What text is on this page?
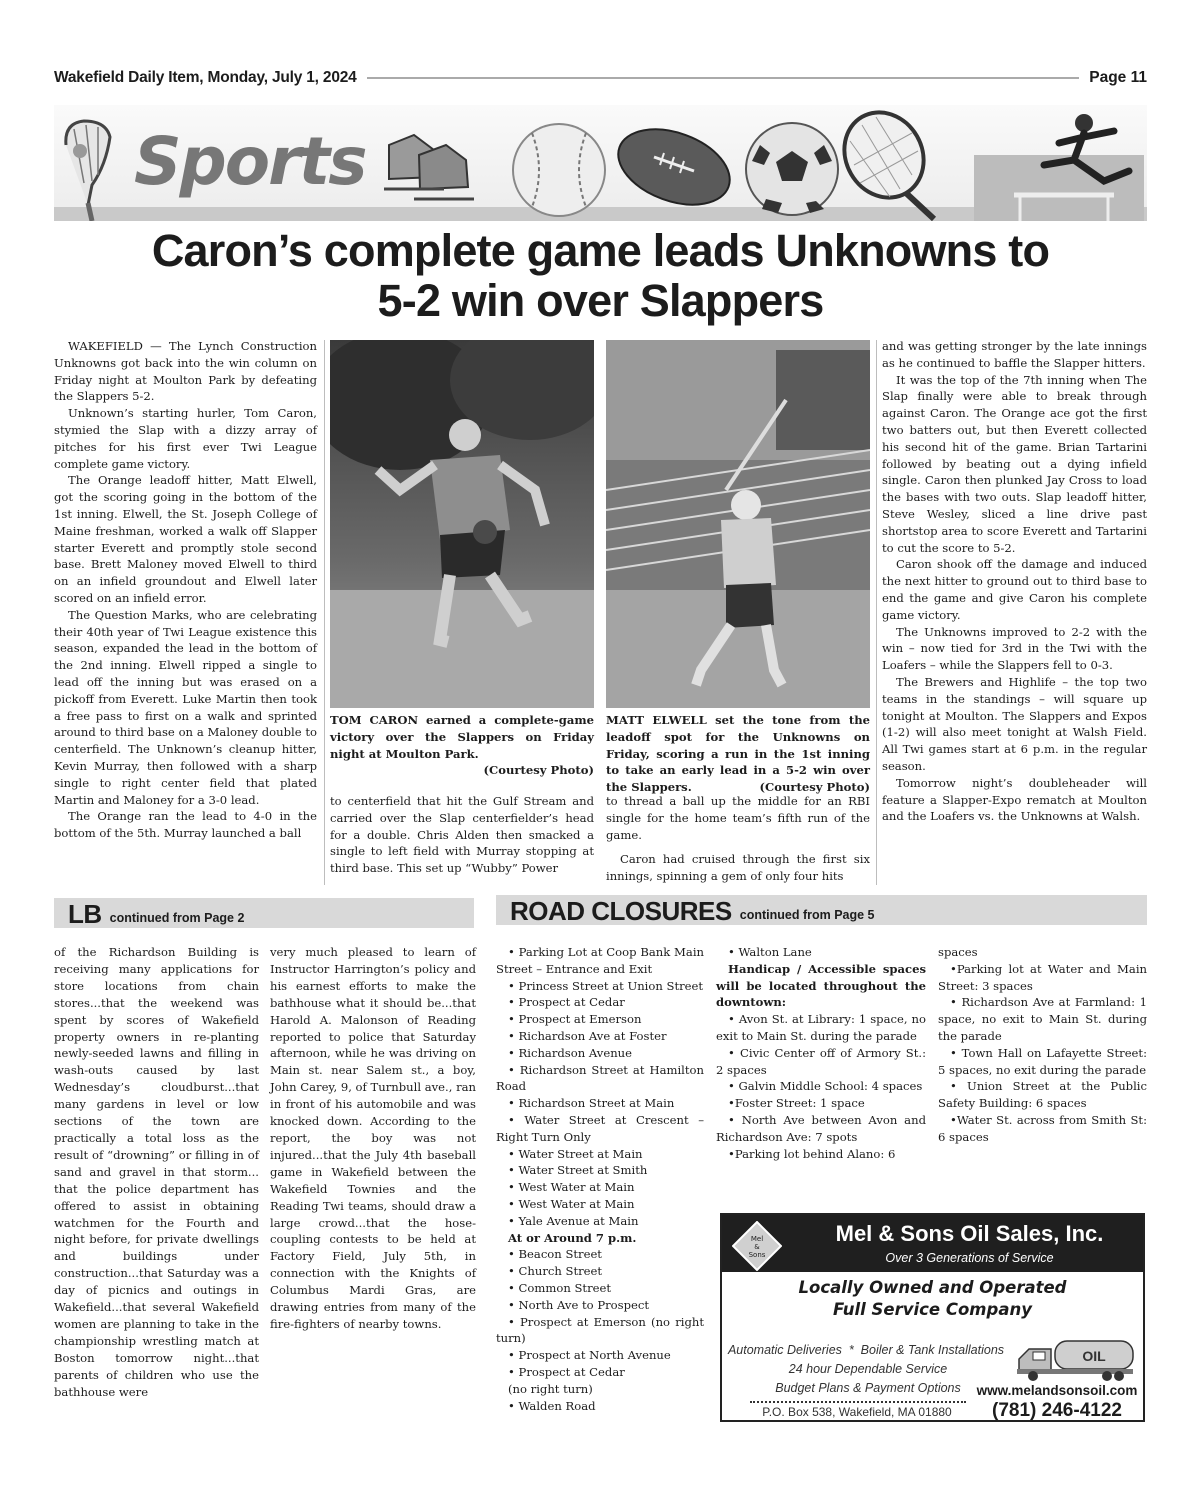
Wakefield Daily Item, Monday, July 1, 2024	Page 11
Sports
Caron’s complete game leads Unknowns to
5-2 win over Slappers

WAKEFIELD — The Lynch Construction Unknowns got back into the win column on Friday night at Moulton Park by defeating the Slappers 5-2.

Unknown’s starting hurler, Tom Caron, stymied the Slap with a dizzy array of pitches for his first ever Twi League complete game victory.

The Orange leadoff hitter, Matt Elwell, got the scoring going in the bottom of the 1st inning. Elwell, the St. Joseph College of Maine freshman, worked a walk off Slapper starter Everett and promptly stole second base. Brett Maloney moved Elwell to third on an infield groundout and Elwell later scored on an infield error.

The Question Marks, who are celebrating their 40th year of Twi League existence this season, expanded the lead in the bottom of the 2nd inning. Elwell ripped a single to lead off the inning but was erased on a pickoff from Everett. Luke Martin then took a free pass to first on a walk and sprinted around to third base on a Maloney double to centerfield. The Unknown’s cleanup hitter, Kevin Murray, then followed with a sharp single to right center field that plated Martin and Maloney for a 3-0 lead.

The Orange ran the lead to 4-0 in the bottom of the 5th. Murray launched a ball

TOM CARON earned a complete-game victory over the Slappers on Friday night at Moulton Park.
(Courtesy Photo)

to centerfield that hit the Gulf Stream and carried over the Slap centerfielder’s head for a double. Chris Alden then smacked a single to left field with Murray stopping at third base. This set up “Wubby” Power

MATT ELWELL set the tone from the leadoff spot for the Unknowns on Friday, scoring a run in the 1st inning to take an early lead in a 5-2 win over the Slappers.	(Courtesy Photo)

to thread a ball up the middle for an RBI single for the home team’s fifth run of the game.

Caron had cruised through the first six innings, spinning a gem of only four hits

and was getting stronger by the late innings as he continued to baffle the Slapper hitters.

It was the top of the 7th inning when The Slap finally were able to break through against Caron. The Orange ace got the first two batters out, but then Everett collected his second hit of the game. Brian Tartarini followed by beating out a dying infield single. Caron then plunked Jay Cross to load the bases with two outs. Slap leadoff hitter, Steve Wesley, sliced a line drive past shortstop area to score Everett and Tartarini to cut the score to 5-2.

Caron shook off the damage and induced the next hitter to ground out to third base to end the game and give Caron his complete game victory.

The Unknowns improved to 2-2 with the win – now tied for 3rd in the Twi with the Loafers – while the Slappers fell to 0-3.

The Brewers and Highlife – the top two teams in the standings – will square up tonight at Moulton. The Slappers and Expos (1-2) will also meet tonight at Walsh Field. All Twi games start at 6 p.m. in the regular season.

Tomorrow night’s doubleheader will feature a Slapper-Expo rematch at Moulton and the Loafers vs. the Unknowns at Walsh.

LB continued from Page 2

of the Richardson Building is receiving many applications for store locations from chain stores...that the weekend was spent by scores of Wakefield property owners in re-planting newly-seeded lawns and filling in wash-outs caused by last Wednesday’s cloudburst...that many gardens in level or low sections of the town are practically a total loss as the result of “drowning” or filling in of sand and gravel in that storm... that the police department has offered to assist in obtaining watchmen for the Fourth and night before, for private dwellings and buildings under construction...that Saturday was a day of picnics and outings in Wakefield...that several Wakefield women are planning to take in the championship wrestling match at Boston tomorrow night...that parents of children who use the bathhouse were

very much pleased to learn of Instructor Harrington’s policy and his earnest efforts to make the bathhouse what it should be...that Harold A. Malonson of Reading reported to police that Saturday afternoon, while he was driving on Main st. near Salem st., a boy, John Carey, 9, of Turnbull ave., ran in front of his automobile and was knocked down. According to the report, the boy was not injured...that the July 4th baseball game in Wakefield between the Wakefield Townies and the Reading Twi teams, should draw a large crowd...that the hose-coupling contests to be held at Factory Field, July 5th, in connection with the Knights of Columbus Mardi Gras, are drawing entries from many of the fire-fighters of nearby towns.

ROAD CLOSURES continued from Page 5

• Parking Lot at Coop Bank Main Street – Entrance and Exit

• Princess Street at Union Street

• Prospect at Cedar

• Prospect at Emerson

• Richardson Ave at Foster

• Richardson Avenue

• Richardson Street at Hamilton Road

• Richardson Street at Main

• Water Street at Crescent – Right Turn Only

• Water Street at Main

• Water Street at Smith

• West Water at Main

• West Water at Main

• Yale Avenue at Main

At or Around 7 p.m.

• Beacon Street

• Church Street

• Common Street

• North Ave to Prospect

• Prospect at Emerson (no right turn)

• Prospect at North Avenue

• Prospect at Cedar

(no right turn)

• Walden Road

• Walton Lane

Handicap / Accessible spaces will be located throughout the downtown:

• Avon St. at Library: 1 space, no exit to Main St. during the parade

• Civic Center off of Armory St.: 2 spaces

• Galvin Middle School: 4 spaces

•Foster Street: 1 space

• North Ave between Avon and Richardson Ave: 7 spots

•Parking lot behind Alano: 6

spaces

•Parking lot at Water and Main Street: 3 spaces

• Richardson Ave at Farmland: 1 space, no exit to Main St. during the parade

• Town Hall on Lafayette Street: 5 spaces, no exit during the parade

• Union Street at the Public Safety Building: 6 spaces

•Water St. across from Smith St: 6 spaces

Mel
&
Sons
Mel & Sons Oil Sales, Inc.
Over 3 Generations of Service
Locally Owned and Operated
Full Service Company
Automatic Deliveries  *  Boiler & Tank Installations
24 hour Dependable Service
Budget Plans & Payment Options
P.O. Box 538, Wakefield, MA 01880
OIL
www.melandsonsoil.com
(781) 246-4122
